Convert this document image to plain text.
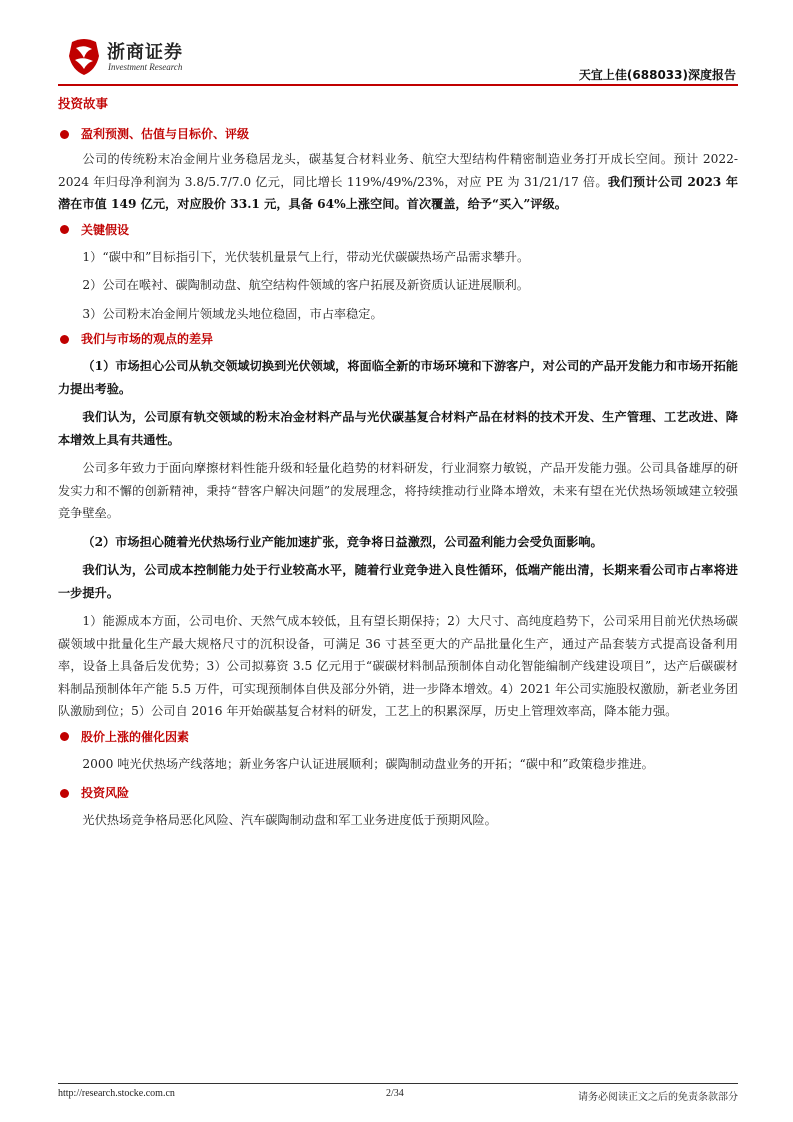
浙商证券
Investment Research
天宜上佳(688033)深度报告
投资故事
盈利预测、估值与目标价、评级

公司的传统粉末冶金闸片业务稳居龙头，碳基复合材料业务、航空大型结构件精密制造业务打开成长空间。预计 2022-2024 年归母净利润为 3.8/5.7/7.0 亿元，同比增长 119%/49%/23%，对应 PE 为 31/21/17 倍。我们预计公司 2023 年潜在市值 149 亿元，对应股价 33.1 元，具备 64%上涨空间。首次覆盖，给予“买入”评级。

关键假设

1）“碳中和”目标指引下，光伏装机量景气上行，带动光伏碳碳热场产品需求攀升。

2）公司在喉衬、碳陶制动盘、航空结构件领域的客户拓展及新资质认证进展顺利。

3）公司粉末冶金闸片领域龙头地位稳固，市占率稳定。

我们与市场的观点的差异

（1）市场担心公司从轨交领域切换到光伏领域，将面临全新的市场环境和下游客户，对公司的产品开发能力和市场开拓能力提出考验。

我们认为，公司原有轨交领域的粉末冶金材料产品与光伏碳基复合材料产品在材料的技术开发、生产管理、工艺改进、降本增效上具有共通性。

公司多年致力于面向摩擦材料性能升级和轻量化趋势的材料研发，行业洞察力敏锐，产品开发能力强。公司具备雄厚的研发实力和不懈的创新精神，秉持“替客户解决问题”的发展理念，将持续推动行业降本增效，未来有望在光伏热场领域建立较强竞争壁垒。

（2）市场担心随着光伏热场行业产能加速扩张，竞争将日益激烈，公司盈利能力会受负面影响。

我们认为，公司成本控制能力处于行业较高水平，随着行业竞争进入良性循环，低端产能出清，长期来看公司市占率将进一步提升。

1）能源成本方面，公司电价、天然气成本较低，且有望长期保持；2）大尺寸、高纯度趋势下，公司采用目前光伏热场碳碳领域中批量化生产最大规格尺寸的沉积设备，可满足 36 寸甚至更大的产品批量化生产，通过产品套装方式提高设备利用率，设备上具备后发优势；3）公司拟募资 3.5 亿元用于“碳碳材料制品预制体自动化智能编制产线建设项目”，达产后碳碳材料制品预制体年产能 5.5 万件，可实现预制体自供及部分外销，进一步降本增效。4）2021 年公司实施股权激励，新老业务团队激励到位；5）公司自 2016 年开始碳基复合材料的研发，工艺上的积累深厚，历史上管理效率高，降本能力强。

股价上涨的催化因素

2000 吨光伏热场产线落地；新业务客户认证进展顺利；碳陶制动盘业务的开拓；“碳中和”政策稳步推进。

投资风险

光伏热场竞争格局恶化风险、汽车碳陶制动盘和军工业务进度低于预期风险。

http://research.stocke.com.cn	2/34	请务必阅读正文之后的免责条款部分
